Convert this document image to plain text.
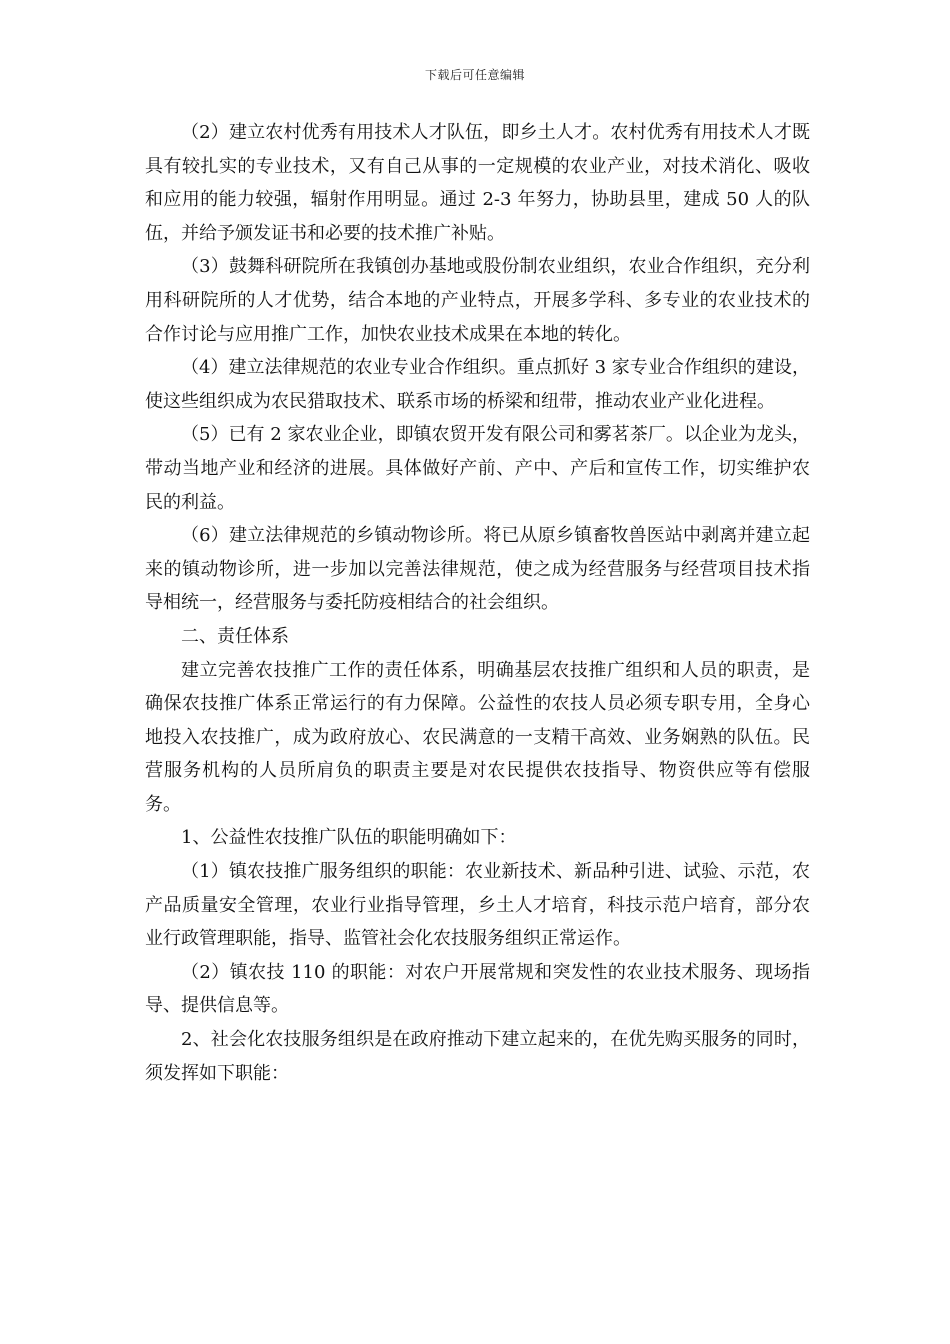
下载后可任意编辑

（2）建立农村优秀有用技术人才队伍，即乡土人才。农村优秀有用技术人才既具有较扎实的专业技术，又有自己从事的一定规模的农业产业，对技术消化、吸收和应用的能力较强，辐射作用明显。通过 2-3 年努力，协助县里，建成 50 人的队伍，并给予颁发证书和必要的技术推广补贴。

（3）鼓舞科研院所在我镇创办基地或股份制农业组织，农业合作组织，充分利用科研院所的人才优势，结合本地的产业特点，开展多学科、多专业的农业技术的合作讨论与应用推广工作，加快农业技术成果在本地的转化。

（4）建立法律规范的农业专业合作组织。重点抓好 3 家专业合作组织的建设，使这些组织成为农民猎取技术、联系市场的桥梁和纽带，推动农业产业化进程。

（5）已有 2 家农业企业，即镇农贸开发有限公司和雾茗茶厂。以企业为龙头，带动当地产业和经济的进展。具体做好产前、产中、产后和宣传工作，切实维护农民的利益。

（6）建立法律规范的乡镇动物诊所。将已从原乡镇畜牧兽医站中剥离并建立起来的镇动物诊所，进一步加以完善法律规范，使之成为经营服务与经营项目技术指导相统一，经营服务与委托防疫相结合的社会组织。

二、责任体系

建立完善农技推广工作的责任体系，明确基层农技推广组织和人员的职责，是确保农技推广体系正常运行的有力保障。公益性的农技人员必须专职专用，全身心地投入农技推广，成为政府放心、农民满意的一支精干高效、业务娴熟的队伍。民营服务机构的人员所肩负的职责主要是对农民提供农技指导、物资供应等有偿服务。

1、公益性农技推广队伍的职能明确如下：

（1）镇农技推广服务组织的职能：农业新技术、新品种引进、试验、示范，农产品质量安全管理，农业行业指导管理，乡土人才培育，科技示范户培育，部分农业行政管理职能，指导、监管社会化农技服务组织正常运作。

（2）镇农技 110 的职能：对农户开展常规和突发性的农业技术服务、现场指导、提供信息等。

2、社会化农技服务组织是在政府推动下建立起来的，在优先购买服务的同时，须发挥如下职能：
